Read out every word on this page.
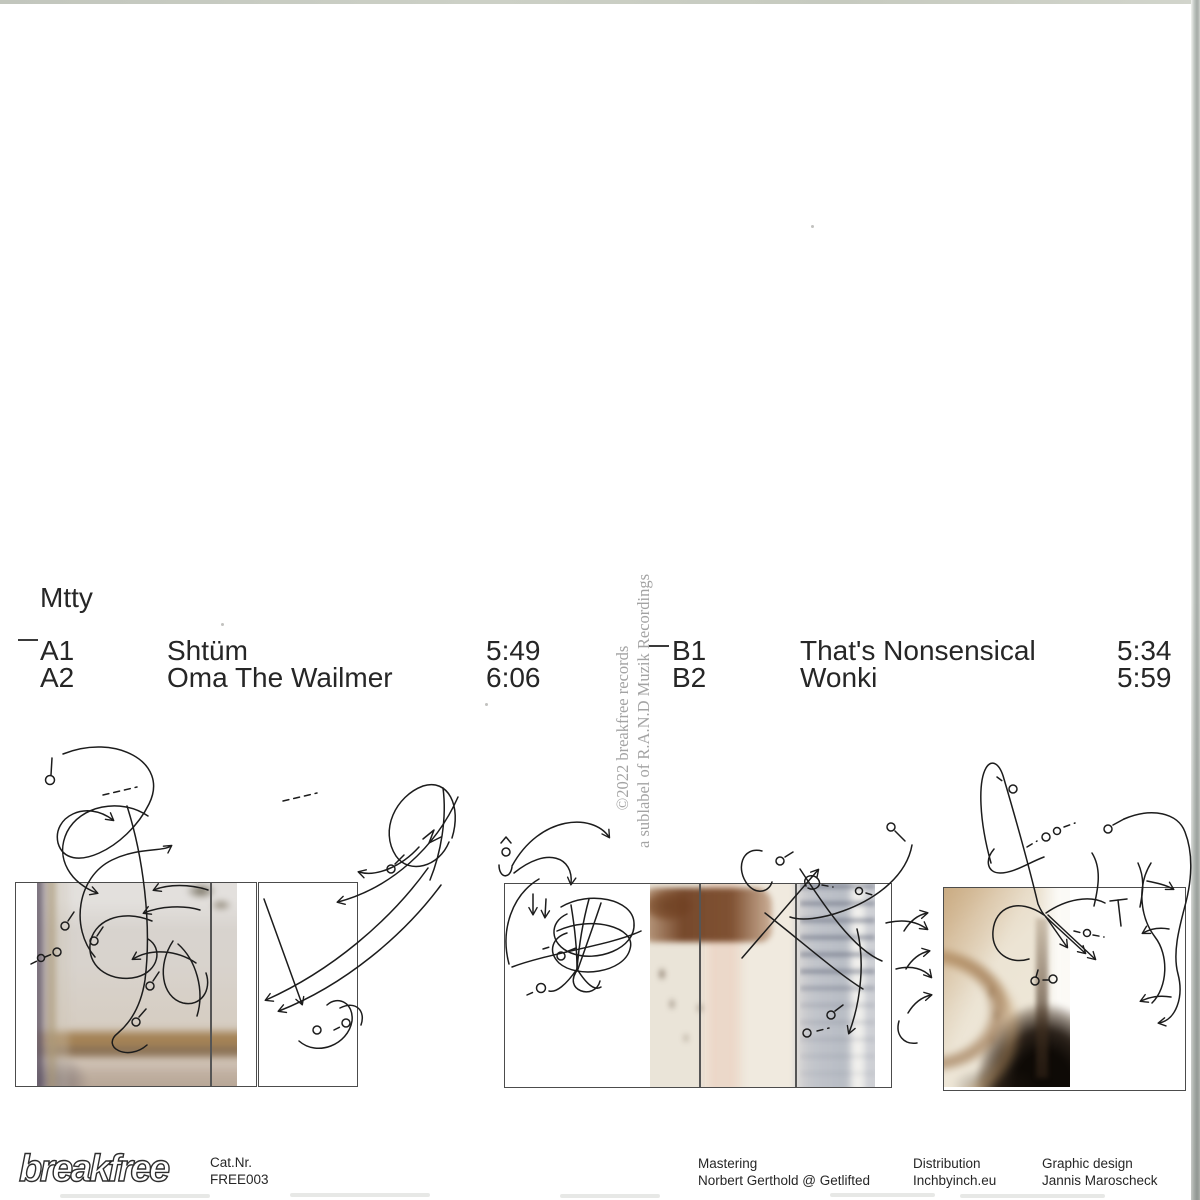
Mtty
A1	Shtüm	5:49
A2	Oma The Wailmer	6:06
B1	That's Nonsensical	5:34
B2	Wonki	5:59
©2022 breakfree records a sublabel of R.A.N.D Muzik Recordings
breakfree	Cat.Nr.
FREE003
Mastering
Norbert Gerthold @ Getlifted
Distribution
Inchbyinch.eu
Graphic design
Jannis Maroscheck
